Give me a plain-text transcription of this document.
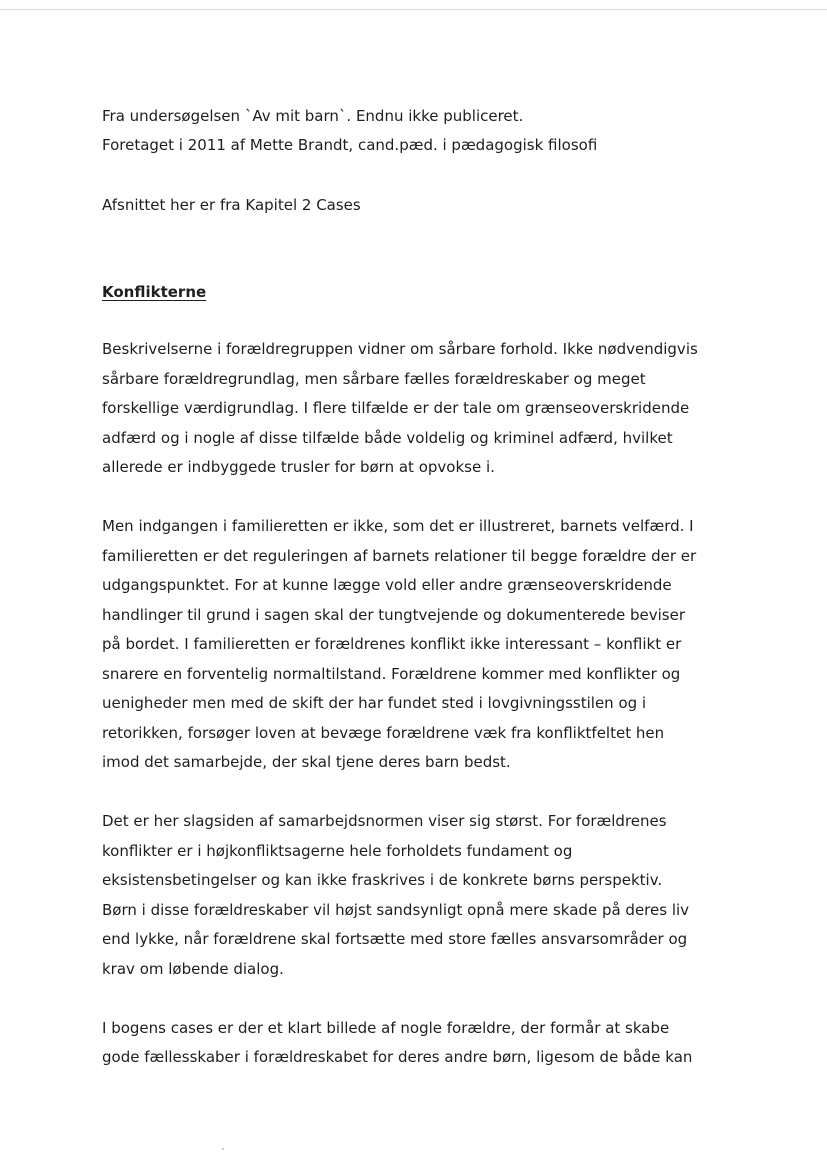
Fra undersøgelsen `Av mit barn`. Endnu ikke publiceret.
Foretaget i 2011 af Mette Brandt, cand.pæd. i pædagogisk filosofi
Afsnittet her er fra Kapitel 2 Cases
Konflikterne
Beskrivelserne i forældregruppen vidner om sårbare forhold. Ikke nødvendigvis
sårbare forældregrundlag, men sårbare fælles forældreskaber og meget
forskellige værdigrundlag. I flere tilfælde er der tale om grænseoverskridende
adfærd og i nogle af disse tilfælde både voldelig og kriminel adfærd, hvilket
allerede er indbyggede trusler for børn at opvokse i.
Men indgangen i familieretten er ikke, som det er illustreret, barnets velfærd. I
familieretten er det reguleringen af barnets relationer til begge forældre der er
udgangspunktet. For at kunne lægge vold eller andre grænseoverskridende
handlinger til grund i sagen skal der tungtvejende og dokumenterede beviser
på bordet. I familieretten er forældrenes konflikt ikke interessant – konflikt er
snarere en forventelig normaltilstand. Forældrene kommer med konflikter og
uenigheder men med de skift der har fundet sted i lovgivningsstilen og i
retorikken, forsøger loven at bevæge forældrene væk fra konfliktfeltet hen
imod det samarbejde, der skal tjene deres barn bedst.
Det er her slagsiden af samarbejdsnormen viser sig størst. For forældrenes
konflikter er i højkonfliktsagerne hele forholdets fundament og
eksistensbetingelser og kan ikke fraskrives i de konkrete børns perspektiv.
Børn i disse forældreskaber vil højst sandsynligt opnå mere skade på deres liv
end lykke, når forældrene skal fortsætte med store fælles ansvarsområder og
krav om løbende dialog.
I bogens cases er der et klart billede af nogle forældre, der formår at skabe
gode fællesskaber i forældreskabet for deres andre børn, ligesom de både kan
